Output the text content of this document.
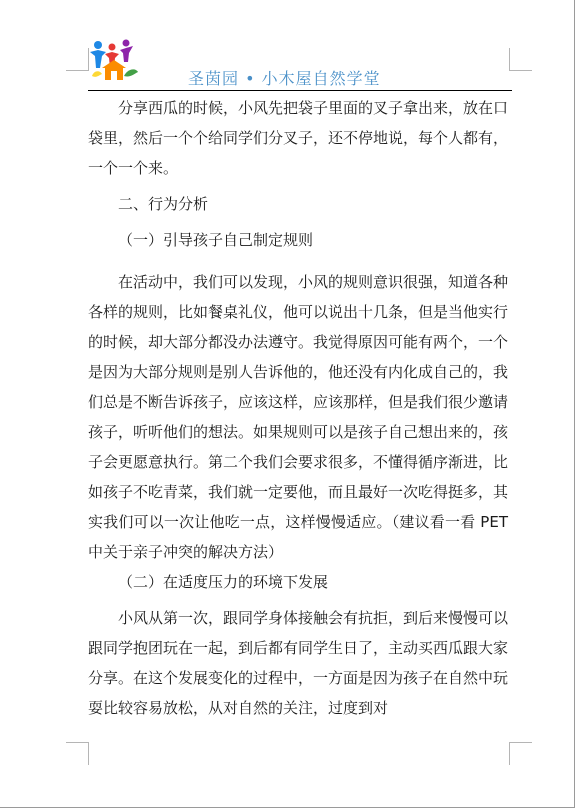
圣茵园 • 小木屋自然学堂

分享西瓜的时候，小风先把袋子里面的叉子拿出来，放在口袋里，然后一个个给同学们分叉子，还不停地说，每个人都有，一个一个来。

二、行为分析
（一）引导孩子自己制定规则

在活动中，我们可以发现，小风的规则意识很强，知道各种各样的规则，比如餐桌礼仪，他可以说出十几条，但是当他实行的时候，却大部分都没办法遵守。我觉得原因可能有两个，一个是因为大部分规则是别人告诉他的，他还没有内化成自己的，我们总是不断告诉孩子，应该这样，应该那样，但是我们很少邀请孩子，听听他们的想法。如果规则可以是孩子自己想出来的，孩子会更愿意执行。第二个我们会要求很多，不懂得循序渐进，比如孩子不吃青菜，我们就一定要他，而且最好一次吃得挺多，其实我们可以一次让他吃一点，这样慢慢适应。（建议看一看 PET 中关于亲子冲突的解决方法）

（二）在适度压力的环境下发展

小风从第一次，跟同学身体接触会有抗拒，到后来慢慢可以跟同学抱团玩在一起，到后都有同学生日了，主动买西瓜跟大家分享。在这个发展变化的过程中，一方面是因为孩子在自然中玩耍比较容易放松，从对自然的关注，过度到对
